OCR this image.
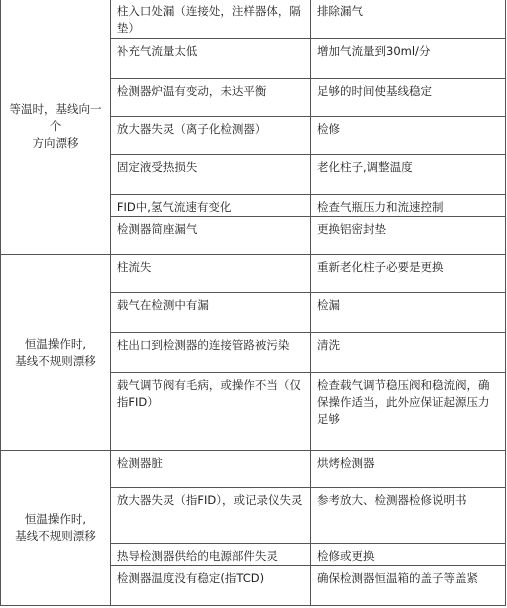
等温时，基线向一个
方向漂移	柱入口处漏（连接处，注样器体，隔垫）	排除漏气
	补充气流量太低	增加气流量到30ml/分
	检测器炉温有变动，未达平衡	足够的时间使基线稳定
	放大器失灵（离子化检测器）	检修
	固定液受热损失	老化柱子,调整温度
	FID中,氢气流速有变化	检查气瓶压力和流速控制
	检测器简座漏气	更换铝密封垫

恒温操作时,
基线不规则漂移	柱流失	重新老化柱子必要是更换
	载气在检测中有漏	检漏
	柱出口到检测器的连接管路被污染	清洗
	载气调节阀有毛病，或操作不当（仅指FID）	检查载气调节稳压阀和稳流阀，确保操作适当，此外应保证起源压力足够

恒温操作时,
基线不规则漂移	检测器脏	烘烤检测器
	放大器失灵（指FID），或记录仪失灵	参考放大、检测器检修说明书
	热导检测器供给的电源部件失灵	检修或更换
	检测器温度没有稳定(指TCD)	确保检测器恒温箱的盖子等盖紧
